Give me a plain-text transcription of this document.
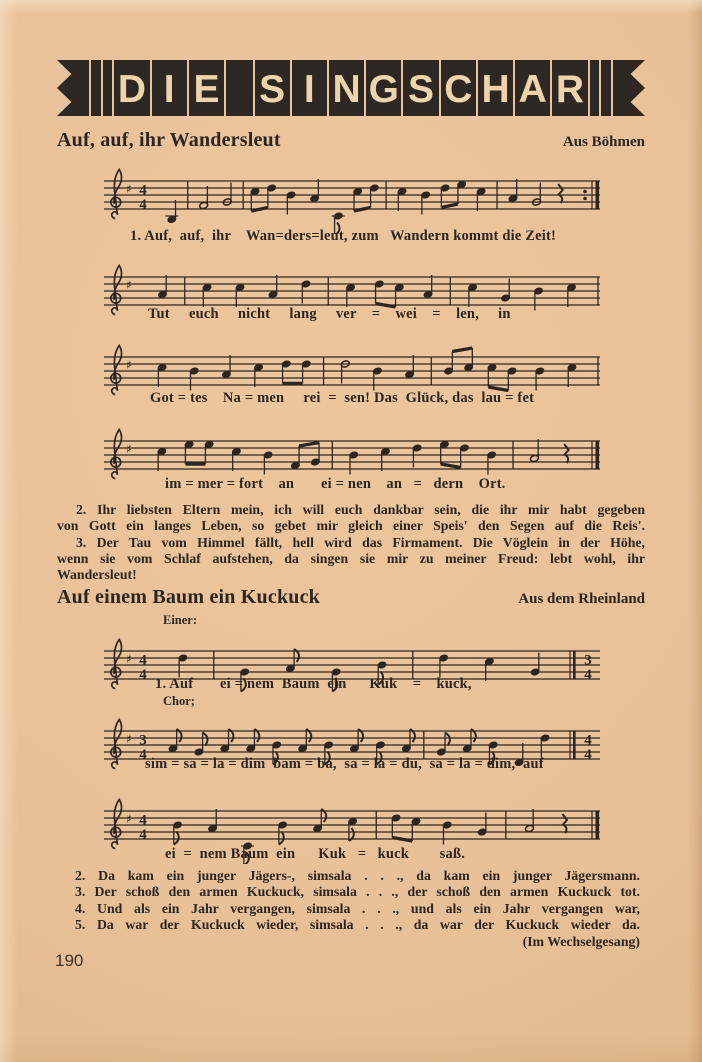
D I E S I N G S C H A R
Auf, auf, ihr Wandersleut	Aus Böhmen
♯ 4
4
1. Auf,  auf,  ihr    Wan=ders=leut, zum   Wandern kommt die Zeit!
♯
Tut     euch     nicht     lang     ver    =    wei    =    len,     in
♯
Got = tes    Na = men     rei  =  sen! Das  Glück, das  lau = fet
♯
im = mer = fort    an       ei = nen    an   =   dern    Ort.
2. Ihr liebsten Eltern mein, ich will euch dankbar sein, die ihr mir habt gegeben
von Gott ein langes Leben, so gebet mir gleich einer Speis' den Segen auf die Reis'.
3. Der Tau vom Himmel fällt, hell wird das Firmament. Die Vöglein in der Höhe,
wenn sie vom Schlaf aufstehen, da singen sie mir zu meiner Freud: lebt wohl, ihr
Wandersleut!
Auf einem Baum ein Kuckuck	Aus dem Rheinland
Einer:
♯ 4
4
3
4
1. Auf       ei = nem  Baum  ein      Kuk    =    kuck,
Chor;
♯ 3
4
4
4
sim = sa = la = dim  bam = ba,  sa = la = du,  sa = la = dim,  auf
♯ 4
4
ei  =  nem Baum  ein      Kuk   =   kuck        saß.
2. Da kam ein junger Jägers-, simsala . . ., da kam ein junger Jägersmann.
3. Der schoß den armen Kuckuck, simsala . . ., der schoß den armen Kuckuck tot.
4. Und als ein Jahr vergangen, simsala . . ., und als ein Jahr vergangen war,
5. Da war der Kuckuck wieder, simsala . . ., da war der Kuckuck wieder da.
(Im Wechselgesang)
190
